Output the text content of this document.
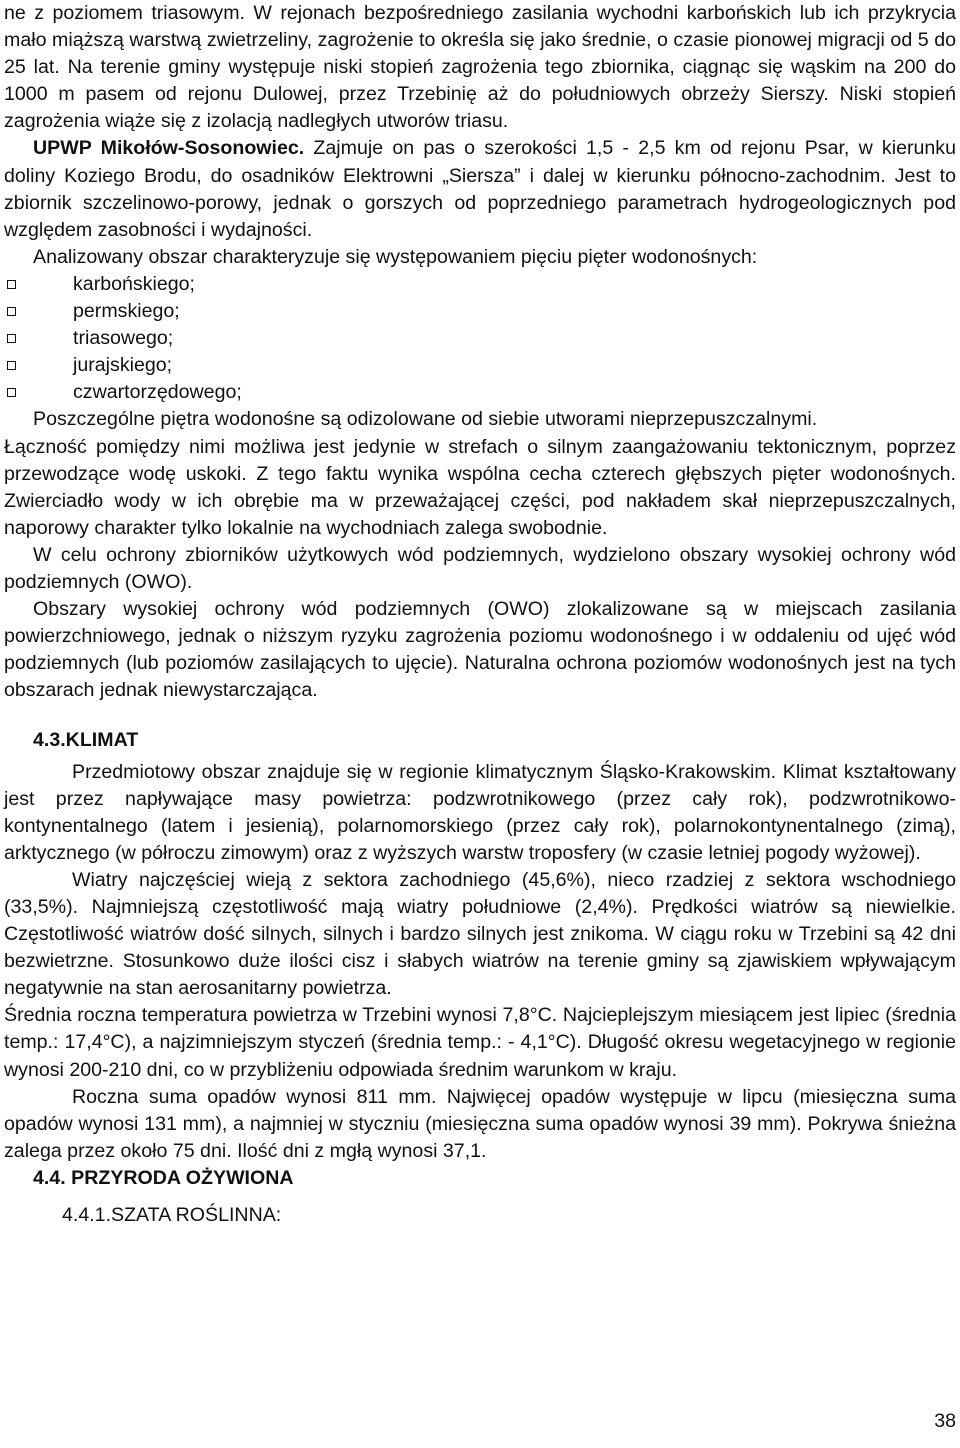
ne z poziomem triasowym. W rejonach bezpośredniego zasilania wychodni karbońskich lub ich przykrycia mało miąższą warstwą zwietrzeliny, zagrożenie to określa się jako średnie, o czasie pionowej migracji od 5 do 25 lat. Na terenie gminy występuje niski stopień zagrożenia tego zbiornika, ciągnąc się wąskim na 200 do 1000 m pasem od rejonu Dulowej, przez Trzebinię aż do południowych obrzeży Sierszy. Niski stopień zagrożenia wiąże się z izolacją nadległych utworów triasu.

UPWP Mikołów-Sosonowiec. Zajmuje on pas o szerokości 1,5 - 2,5 km od rejonu Psar, w kierunku doliny Koziego Brodu, do osadników Elektrowni „Siersza” i dalej w kierunku północno-zachodnim. Jest to zbiornik szczelinowo-porowy, jednak o gorszych od poprzedniego parametrach hydrogeologicznych pod względem zasobności i wydajności.

Analizowany obszar charakteryzuje się występowaniem pięciu pięter wodonośnych:

karbońskiego;
permskiego;
triasowego;
jurajskiego;
czwartorzędowego;

Poszczególne piętra wodonośne są odizolowane od siebie utworami nieprzepuszczalnymi.

Łączność pomiędzy nimi możliwa jest jedynie w strefach o silnym zaangażowaniu tektonicznym, poprzez przewodzące wodę uskoki. Z tego faktu wynika wspólna cecha czterech głębszych pięter wodonośnych. Zwierciadło wody w ich obrębie ma w przeważającej części, pod nakładem skał nieprzepuszczalnych, naporowy charakter tylko lokalnie na wychodniach zalega swobodnie.

W celu ochrony zbiorników użytkowych wód podziemnych, wydzielono obszary wysokiej ochrony wód podziemnych (OWO).

Obszary wysokiej ochrony wód podziemnych (OWO) zlokalizowane są w miejscach zasilania powierzchniowego, jednak o niższym ryzyku zagrożenia poziomu wodonośnego i w oddaleniu od ujęć wód podziemnych (lub poziomów zasilających to ujęcie). Naturalna ochrona poziomów wodonośnych jest na tych obszarach jednak niewystarczająca.

4.3.KLIMAT

Przedmiotowy obszar znajduje się w regionie klimatycznym Śląsko-Krakowskim. Klimat kształtowany jest przez napływające masy powietrza: podzwrotnikowego (przez cały rok), podzwrotnikowo-kontynentalnego (latem i jesienią), polarnomorskiego (przez cały rok), polarnokontynentalnego (zimą), arktycznego (w półroczu zimowym) oraz z wyższych warstw troposfery (w czasie letniej pogody wyżowej).

Wiatry najczęściej wieją z sektora zachodniego (45,6%), nieco rzadziej z sektora wschodniego (33,5%). Najmniejszą częstotliwość mają wiatry południowe (2,4%). Prędkości wiatrów są niewielkie. Częstotliwość wiatrów dość silnych, silnych i bardzo silnych jest znikoma. W ciągu roku w Trzebini są 42 dni bezwietrzne. Stosunkowo duże ilości cisz i słabych wiatrów na terenie gminy są zjawiskiem wpływającym negatywnie na stan aerosanitarny powietrza.

Średnia roczna temperatura powietrza w Trzebini wynosi 7,8°C. Najcieplejszym miesiącem jest lipiec (średnia temp.: 17,4°C), a najzimniejszym styczeń (średnia temp.: - 4,1°C). Długość okresu wegetacyjnego w regionie wynosi 200-210 dni, co w przybliżeniu odpowiada średnim warunkom w kraju.

Roczna suma opadów wynosi 811 mm. Najwięcej opadów występuje w lipcu (miesięczna suma opadów wynosi 131 mm), a najmniej w styczniu (miesięczna suma opadów wynosi 39 mm). Pokrywa śnieżna zalega przez około 75 dni. Ilość dni z mgłą wynosi 37,1.

4.4. PRZYRODA OŻYWIONA
4.4.1.SZATA ROŚLINNA:
38
